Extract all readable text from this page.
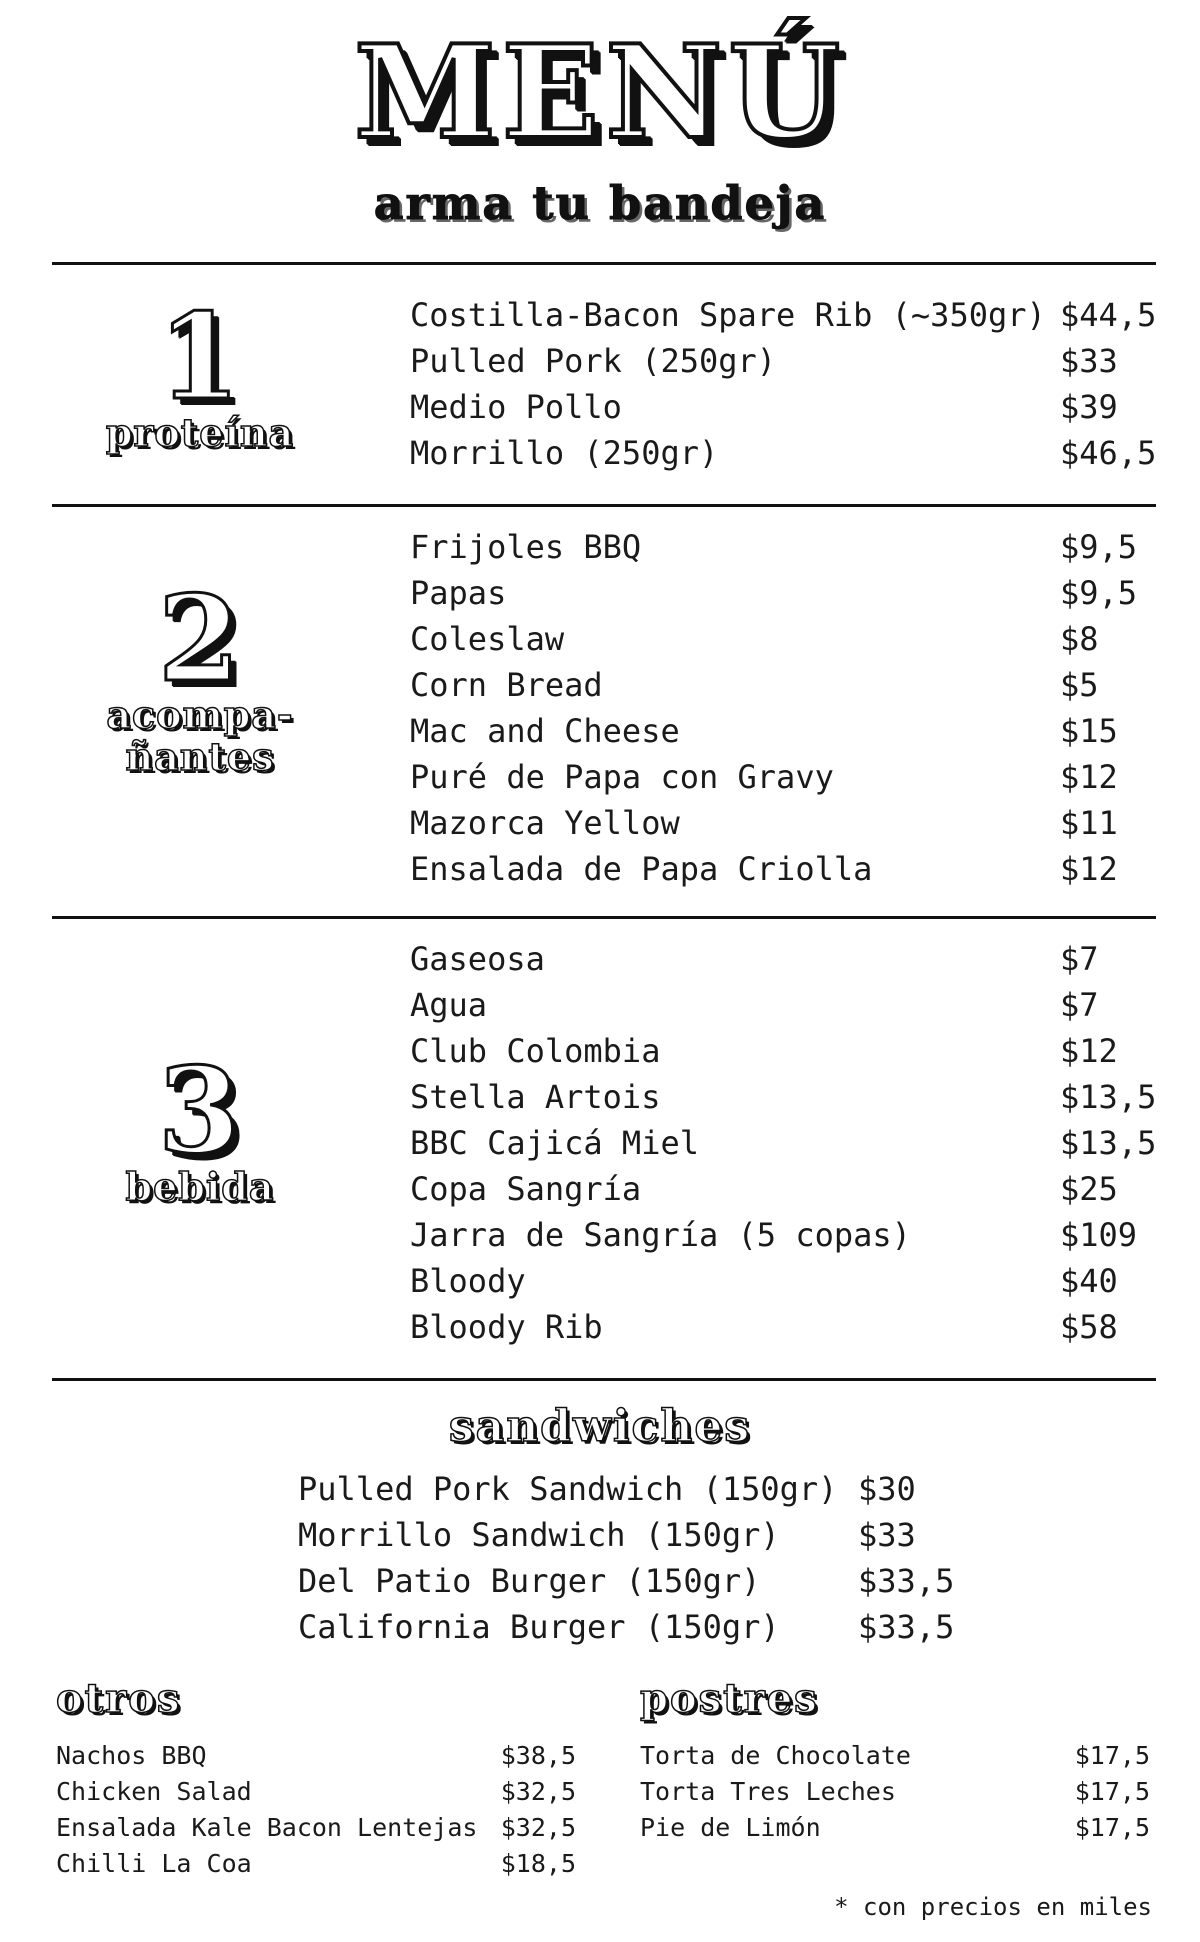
MENÚ
arma tu bandeja
1
proteína
Costilla-Bacon Spare Rib (~350gr) $44,5
Pulled Pork (250gr)	$33
Medio Pollo	$39
Morrillo (250gr)	$46,5
2
acompa-
ñantes
Frijoles BBQ	$9,5
Papas	$9,5
Coleslaw	$8
Corn Bread	$5
Mac and Cheese	$15
Puré de Papa con Gravy	$12
Mazorca Yellow	$11
Ensalada de Papa Criolla	$12
3
bebida
Gaseosa	$7
Agua	$7
Club Colombia	$12
Stella Artois	$13,5
BBC Cajicá Miel	$13,5
Copa Sangría	$25
Jarra de Sangría (5 copas)	$109
Bloody	$40
Bloody Rib	$58
sandwiches
Pulled Pork Sandwich (150gr) $30
Morrillo Sandwich (150gr) $33
Del Patio Burger (150gr)	$33,5
California Burger (150gr) $33,5
otros
Nachos BBQ	$38,5
Chicken Salad	$32,5
Ensalada Kale Bacon Lentejas $32,5
Chilli La Coa	$18,5
postres
Torta de Chocolate	$17,5
Torta Tres Leches	$17,5
Pie de Limón	$17,5
* con precios en miles
